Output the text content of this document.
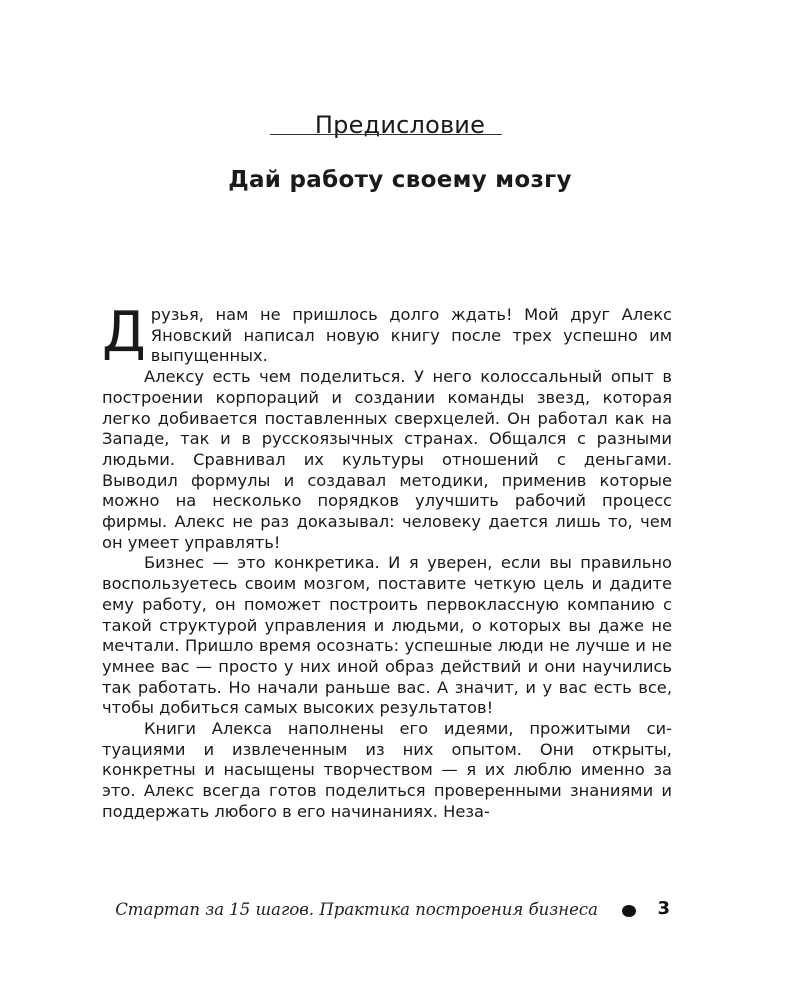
Предисловие
Дай работу своему мозгу

Друзья, нам не пришлось долго ждать! Мой друг Алекс Яновский написал новую книгу после трех успешно им выпущенных.

Алексу есть чем поделиться. У него колоссальный опыт в построении корпораций и создании команды звезд, которая легко добивается поставленных сверхцелей. Он работал как на Западе, так и в русскоязычных странах. Общался с разными людьми. Сравнивал их культуры отношений с деньгами. Выводил формулы и создавал методики, применив которые можно на несколько порядков улучшить рабочий процесс фирмы. Алекс не раз доказывал: человеку дается лишь то, чем он умеет управлять!

Бизнес — это конкретика. И я уверен, если вы правильно воспользуетесь своим мозгом, поставите четкую цель и дадите ему работу, он поможет построить первоклассную компанию с такой структурой управления и людьми, о которых вы даже не мечтали. Пришло время осознать: успешные люди не лучше и не умнее вас — просто у них иной образ действий и они научились так работать. Но начали раньше вас. А значит, и у вас есть все, чтобы добиться самых высоких результатов!

Книги Алекса наполнены его идеями, прожитыми ситуациями и извлеченным из них опытом. Они открыты, конкретны и насыщены творчеством — я их люблю именно за это. Алекс всегда готов поделиться проверенными знаниями и поддержать любого в его начинаниях. Неза-

Стартап за 15 шагов. Практика построения бизнеса	3
